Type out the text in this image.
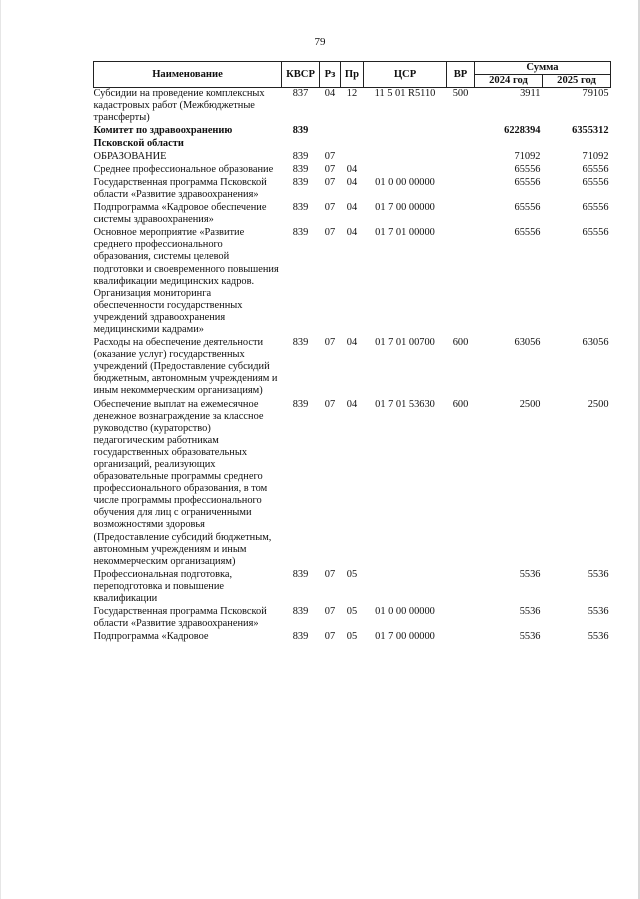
79
Наименование	КВСР	Рз	Пр	ЦСР	ВР	Сумма	
						2024 год	2025 год
Субсидии на проведение комплексных кадастровых работ (Межбюджетные трансферты)	837	04	12	11 5 01 R5110	500	3911	79105
Комитет по здравоохранению Псковской области	839					6228394	6355312
ОБРАЗОВАНИЕ	839	07				71092	71092
Среднее профессиональное образование	839	07	04			65556	65556
Государственная программа Псковской области «Развитие здравоохранения»	839	07	04	01 0 00 00000		65556	65556
Подпрограмма «Кадровое обеспечение системы здравоохранения»	839	07	04	01 7 00 00000		65556	65556
Основное мероприятие «Развитие среднего профессионального образования, системы целевой подготовки и своевременного повышения квалификации медицинских кадров. Организация мониторинга обеспеченности государственных учреждений здравоохранения медицинскими кадрами»	839	07	04	01 7 01 00000		65556	65556
Расходы на обеспечение деятельности (оказание услуг) государственных учреждений (Предоставление субсидий бюджетным, автономным учреждениям и иным некоммерческим организациям)	839	07	04	01 7 01 00700	600	63056	63056
Обеспечение выплат на ежемесячное денежное вознаграждение за классное руководство (кураторство) педагогическим работникам государственных образовательных организаций, реализующих образовательные программы среднего профессионального образования, в том числе программы профессионального обучения для лиц с ограниченными возможностями здоровья (Предоставление субсидий бюджетным, автономным учреждениям и иным некоммерческим организациям)	839	07	04	01 7 01 53630	600	2500	2500
Профессиональная подготовка, переподготовка и повышение квалификации	839	07	05			5536	5536
Государственная программа Псковской области «Развитие здравоохранения»	839	07	05	01 0 00 00000		5536	5536
Подпрограмма «Кадровое	839	07	05	01 7 00 00000		5536	5536
